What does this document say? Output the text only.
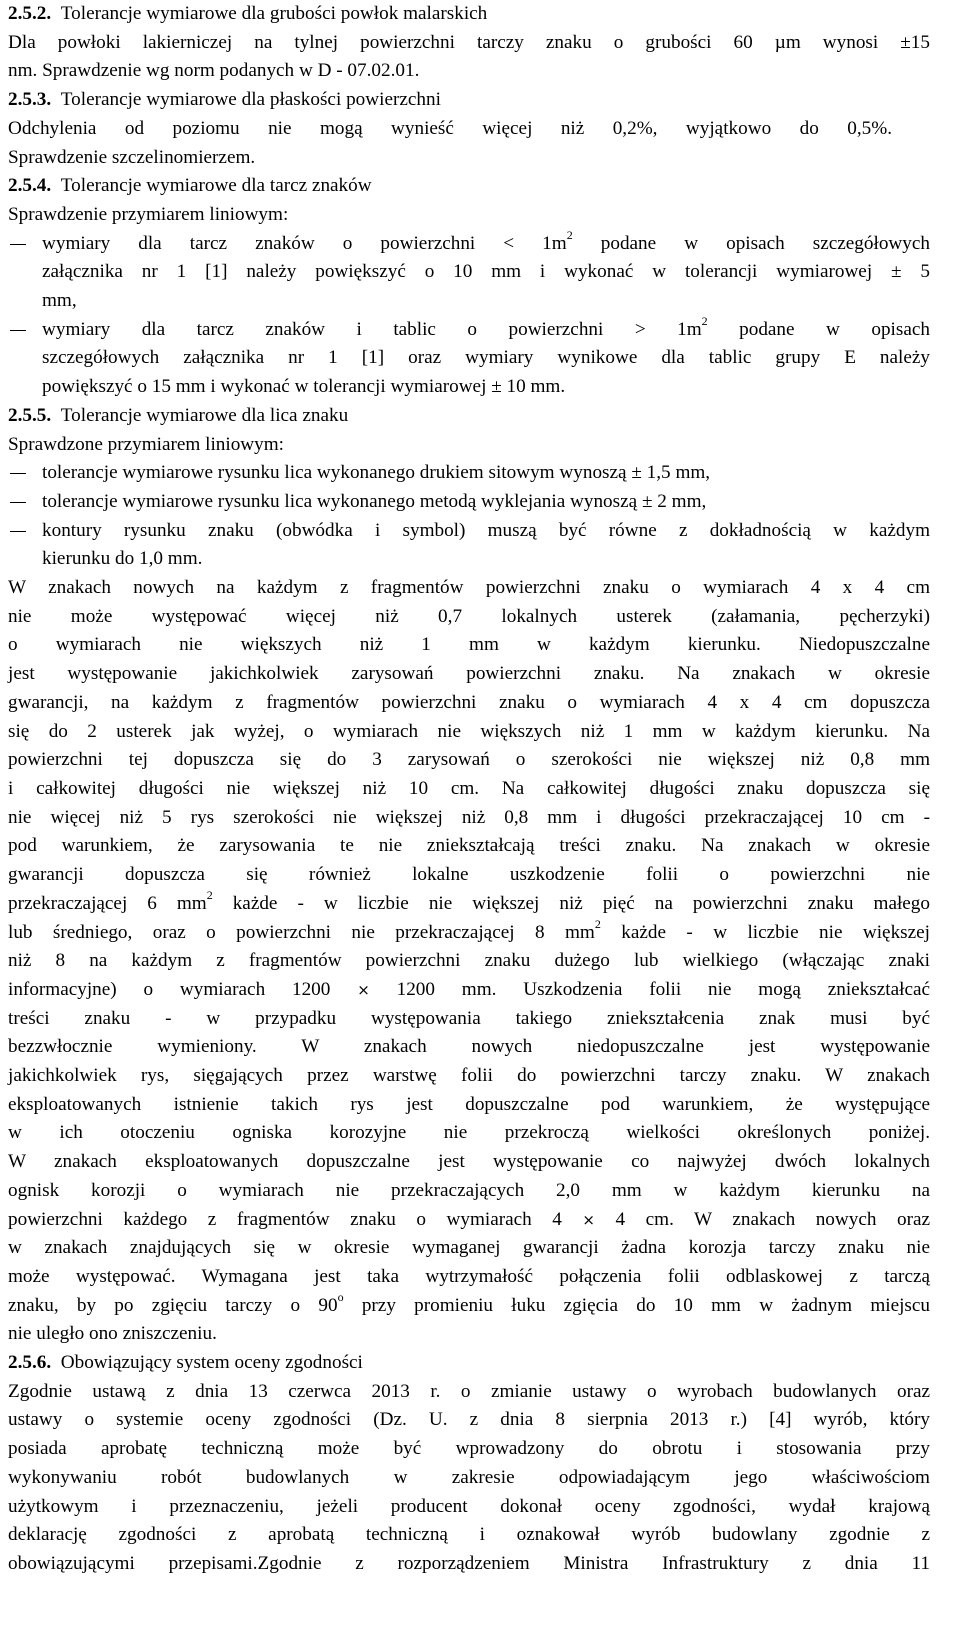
2.5.2. Tolerancje wymiarowe dla grubości powłok malarskich

Dla powłoki lakierniczej na tylnej powierzchni tarczy znaku o grubości 60 µm wynosi ±15

nm. Sprawdzenie wg norm podanych w D - 07.02.01.

2.5.3. Tolerancje wymiarowe dla płaskości powierzchni

Odchylenia od poziomu nie mogą wynieść więcej niż 0,2%, wyjątkowo do 0,5%.

Sprawdzenie szczelinomierzem.

2.5.4. Tolerancje wymiarowe dla tarcz znaków

Sprawdzenie przymiarem liniowym:

wymiary dla tarcz znaków o powierzchni < $1m^2$ podane w opisach szczegółowych

załącznika nr 1 [1] należy powiększyć o 10 mm i wykonać w tolerancji wymiarowej ± 5

mm,

wymiary dla tarcz znaków i tablic o powierzchni > $1m^2$ podane w opisach

szczegółowych załącznika nr 1 [1] oraz wymiary wynikowe dla tablic grupy E należy

powiększyć o 15 mm i wykonać w tolerancji wymiarowej ± 10 mm.

2.5.5. Tolerancje wymiarowe dla lica znaku

Sprawdzone przymiarem liniowym:

tolerancje wymiarowe rysunku lica wykonanego drukiem sitowym wynoszą ± 1,5 mm,

tolerancje wymiarowe rysunku lica wykonanego metodą wyklejania wynoszą ± 2 mm,

kontury rysunku znaku (obwódka i symbol) muszą być równe z dokładnością w każdym

kierunku do 1,0 mm.

W znakach nowych na każdym z fragmentów powierzchni znaku o wymiarach 4 x 4 cm

nie może występować więcej niż 0,7 lokalnych usterek (załamania, pęcherzyki)

o wymiarach nie większych niż 1 mm w każdym kierunku. Niedopuszczalne

jest występowanie jakichkolwiek zarysowań powierzchni znaku. Na znakach w okresie

gwarancji, na każdym z fragmentów powierzchni znaku o wymiarach 4 x 4 cm dopuszcza

się do 2 usterek jak wyżej, o wymiarach nie większych niż 1 mm w każdym kierunku. Na

powierzchni tej dopuszcza się do 3 zarysowań o szerokości nie większej niż 0,8 mm

i całkowitej długości nie większej niż 10 cm. Na całkowitej długości znaku dopuszcza się

nie więcej niż 5 rys szerokości nie większej niż 0,8 mm i długości przekraczającej 10 cm -

pod warunkiem, że zarysowania te nie zniekształcają treści znaku. Na znakach w okresie

gwarancji dopuszcza się również lokalne uszkodzenie folii o powierzchni nie

przekraczającej 6 $mm^2$ każde - w liczbie nie większej niż pięć na powierzchni znaku małego

lub średniego, oraz o powierzchni nie przekraczającej 8 $mm^2$ każde - w liczbie nie większej

niż 8 na każdym z fragmentów powierzchni znaku dużego lub wielkiego (włączając znaki

informacyjne) o wymiarach 1200 × 1200 mm. Uszkodzenia folii nie mogą zniekształcać

treści znaku - w przypadku występowania takiego zniekształcenia znak musi być

bezzwłocznie wymieniony. W znakach nowych niedopuszczalne jest występowanie

jakichkolwiek rys, sięgających przez warstwę folii do powierzchni tarczy znaku. W znakach

eksploatowanych istnienie takich rys jest dopuszczalne pod warunkiem, że występujące

w ich otoczeniu ogniska korozyjne nie przekroczą wielkości określonych poniżej.

W znakach eksploatowanych dopuszczalne jest występowanie co najwyżej dwóch lokalnych

ognisk korozji o wymiarach nie przekraczających 2,0 mm w każdym kierunku na

powierzchni każdego z fragmentów znaku o wymiarach 4 × 4 cm. W znakach nowych oraz

w znakach znajdujących się w okresie wymaganej gwarancji żadna korozja tarczy znaku nie

może występować. Wymagana jest taka wytrzymałość połączenia folii odblaskowej z tarczą

znaku, by po zgięciu tarczy o 90$^o$ przy promieniu łuku zgięcia do 10 mm w żadnym miejscu

nie uległo ono zniszczeniu.

2.5.6. Obowiązujący system oceny zgodności

Zgodnie ustawą z dnia 13 czerwca 2013 r. o zmianie ustawy o wyrobach budowlanych oraz

ustawy o systemie oceny zgodności (Dz. U. z dnia 8 sierpnia 2013 r.) [4] wyrób, który

posiada aprobatę techniczną może być wprowadzony do obrotu i stosowania przy

wykonywaniu robót budowlanych w zakresie odpowiadającym jego właściwościom

użytkowym i przeznaczeniu, jeżeli producent dokonał oceny zgodności, wydał krajową

deklarację zgodności z aprobatą techniczną i oznakował wyrób budowlany zgodnie z

obowiązującymi przepisami.Zgodnie z rozporządzeniem Ministra Infrastruktury z dnia 11
